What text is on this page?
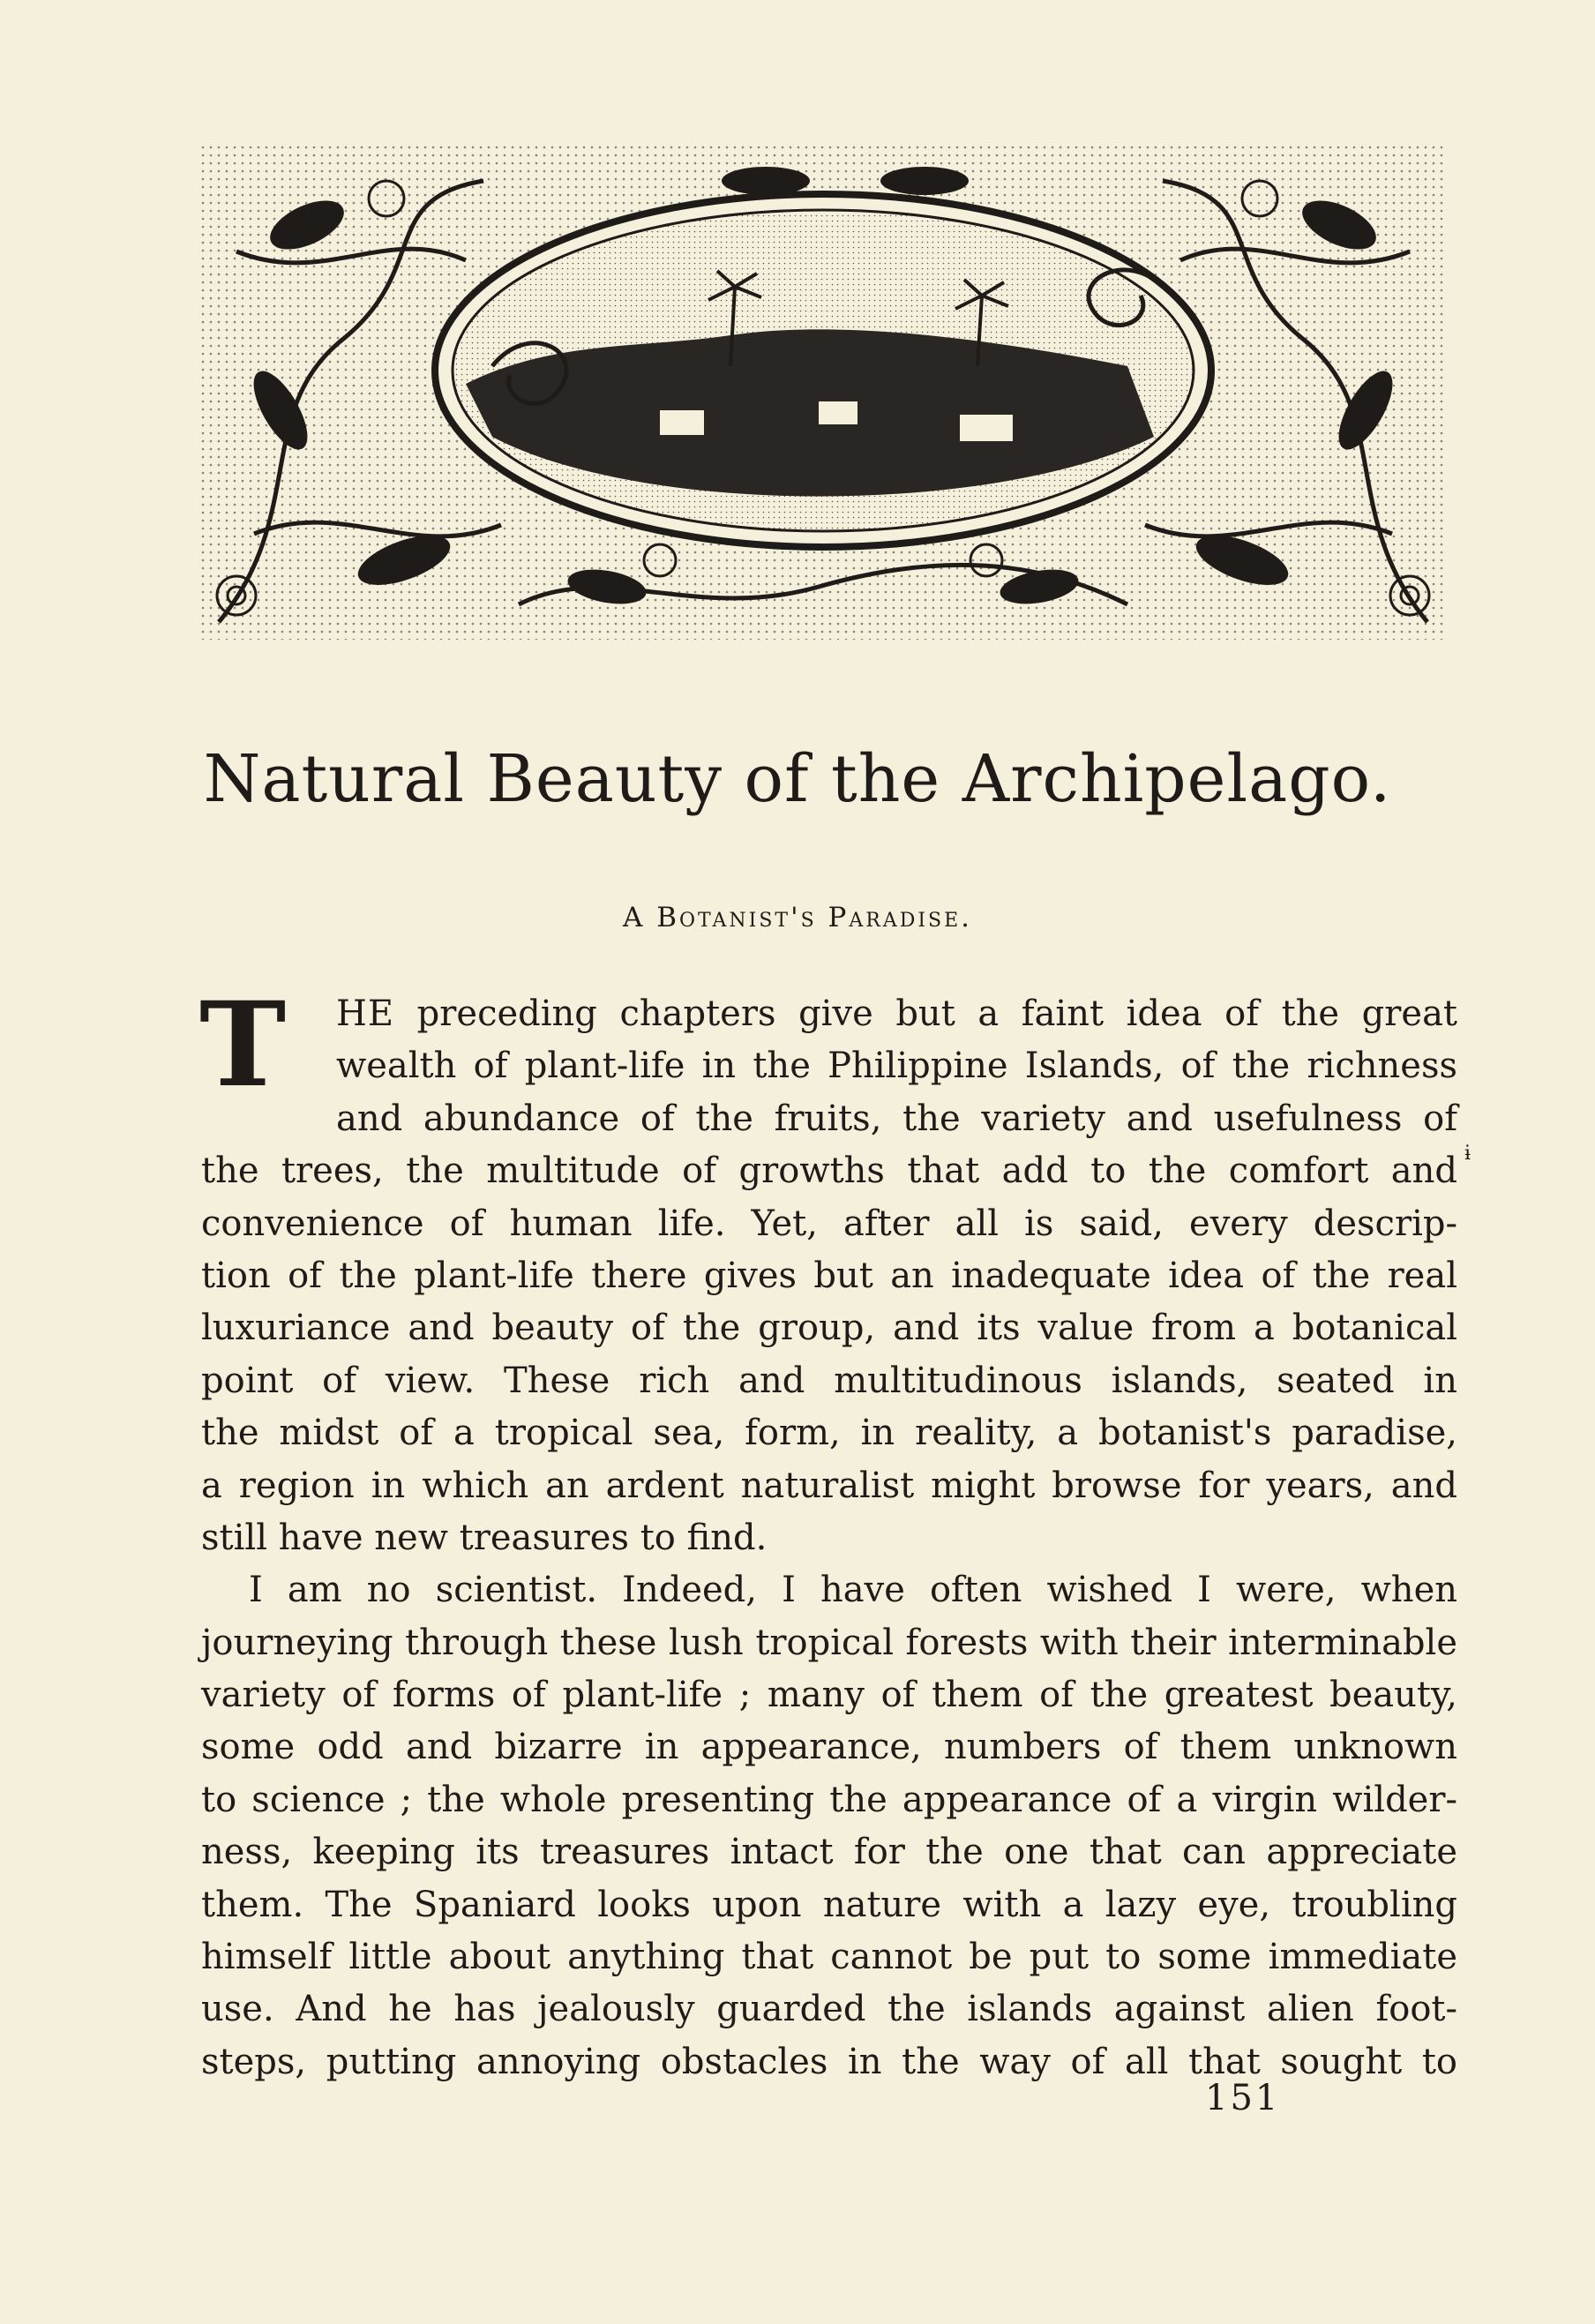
Natural Beauty of the Archipelago.
A Botanist's Paradise.
T	HE preceding chapters give but a faint idea of the great
wealth of plant-life in the Philippine Islands, of the richness
and abundance of the fruits, the variety and usefulness of
the trees, the multitude of growths that add to the comfort and
convenience of human life. Yet, after all is said, every descrip-
tion of the plant-life there gives but an inadequate idea of the real
luxuriance and beauty of the group, and its value from a botanical
point of view. These rich and multitudinous islands, seated in
the midst of a tropical sea, form, in reality, a botanist's paradise,
a region in which an ardent naturalist might browse for years, and
still have new treasures to find.
I am no scientist. Indeed, I have often wished I were, when
journeying through these lush tropical forests with their interminable
variety of forms of plant-life ; many of them of the greatest beauty,
some odd and bizarre in appearance, numbers of them unknown
to science ; the whole presenting the appearance of a virgin wilder-
ness, keeping its treasures intact for the one that can appreciate
them. The Spaniard looks upon nature with a lazy eye, troubling
himself little about anything that cannot be put to some immediate
use. And he has jealously guarded the islands against alien foot-
steps, putting annoying obstacles in the way of all that sought to
ɨ
151
